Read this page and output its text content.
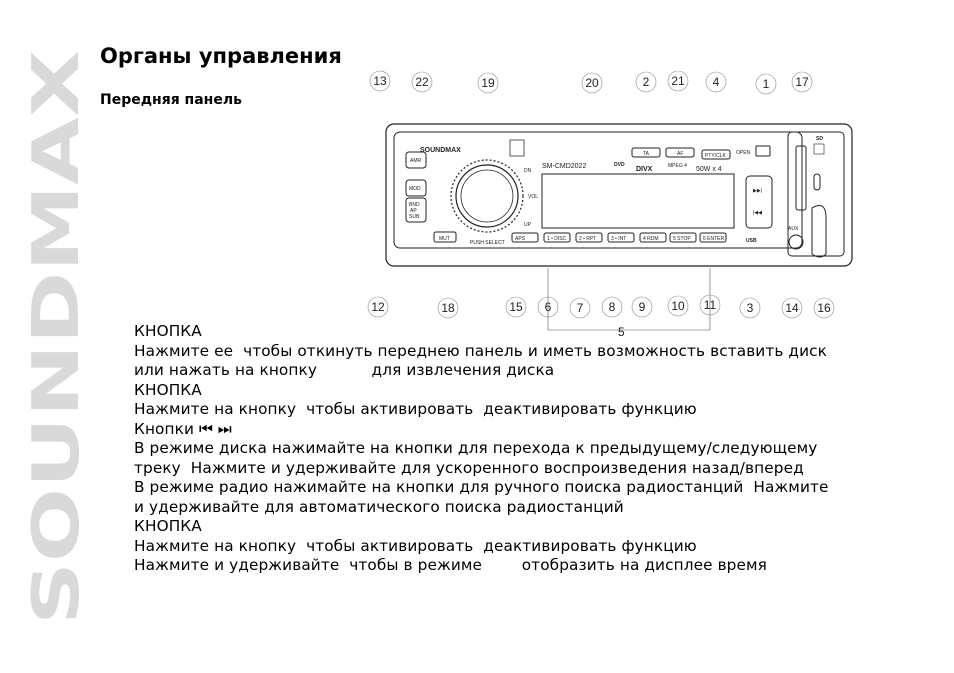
SOUNDMAX
Органы управления
Передняя панель
13 22	19	20	2 21 4	1 17
12	18	15 6 7 8 9 10 11	3	14 16
SOUNDMAX
SM-CMD2022
AMR
MOD
BND
AP
SUB
DN
VOL
UP
PUSH SELECT
TA	AF	PTY/CLK OPEN
DVD
DIVX	MPEG 4 50W x 4
▶▶|
|◀◀
SD
AUX
USB
MUT	APS	1 • DISC	2 • RPT	3 • INT	4 RDM	5 STOP 6 ENTER
5
КНОПКА
Нажмите ее  чтобы откинуть переднею панель и иметь возможность вставить диск
или нажать на кнопку           для извлечения диска
КНОПКА
Нажмите на кнопку  чтобы активировать  деактивировать функцию
Кнопки ⏮ ⏭
В режиме диска нажимайте на кнопки для перехода к предыдущему/следующему
треку  Нажмите и удерживайте для ускоренного воспроизведения назад/вперед
В режиме радио нажимайте на кнопки для ручного поиска радиостанций  Нажмите
и удерживайте для автоматического поиска радиостанций
КНОПКА
Нажмите на кнопку  чтобы активировать  деактивировать функцию
Нажмите и удерживайте  чтобы в режиме        отобразить на дисплее время
